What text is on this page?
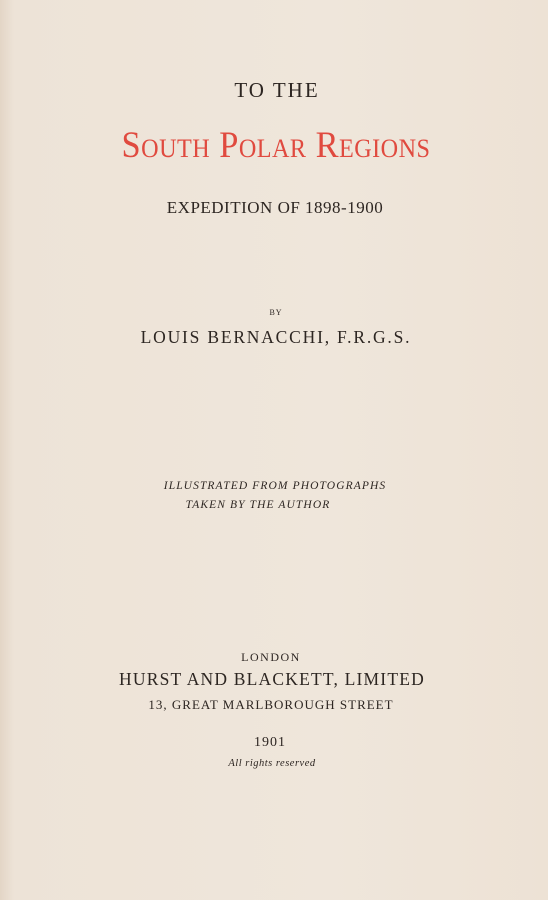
TO THE
South Polar Regions
EXPEDITION OF 1898-1900
BY
LOUIS BERNACCHI, F.R.G.S.
ILLUSTRATED FROM PHOTOGRAPHS
TAKEN BY THE AUTHOR
LONDON
HURST AND BLACKETT, LIMITED
13, GREAT MARLBOROUGH STREET
1901
All rights reserved
